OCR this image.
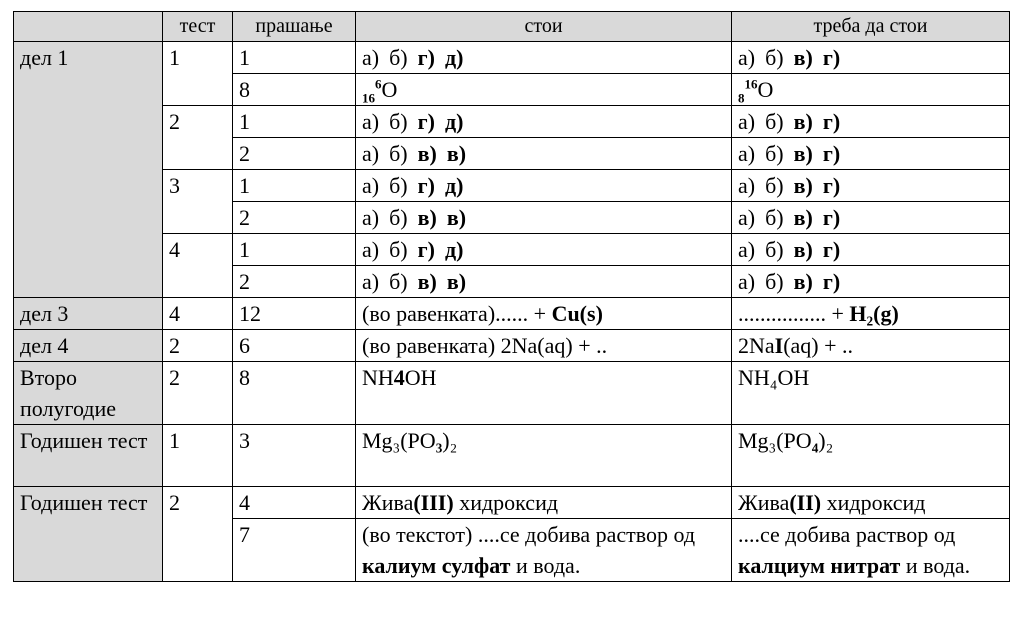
	тест	прашање	стои	треба да стои
дел 1	1	1	а) б) г) д)	а) б) в) г)
		8	$_{16}^6$O	$_8^{16}$O
	2	1	а) б) г) д)	а) б) в) г)
		2	а) б) в) в)	а) б) в) г)
	3	1	а) б) г) д)	а) б) в) г)
		2	а) б) в) в)	а) б) в) г)
	4	1	а) б) г) д)	а) б) в) г)
		2	а) б) в) в)	а) б) в) г)
дел 3	4	12	(во равенката)...... + Cu(s)	................ + H₂(g)
дел 4	2	6	(во равенката) 2Na(aq) + ..	2NaI(aq) + ..
Второ полугодие	2	8	NH4OH	NH₄OH
Годишен тест	1	3	Mg₃(PO₃)₂	Mg₃(PO₄)₂
Годишен тест	2	4	Жива(III) хидроксид	Жива(II) хидроксид
		7	(во текстот) ....се добива раствор од калиум сулфат и вода.	....се добива раствор од калциум нитрат и вода.
